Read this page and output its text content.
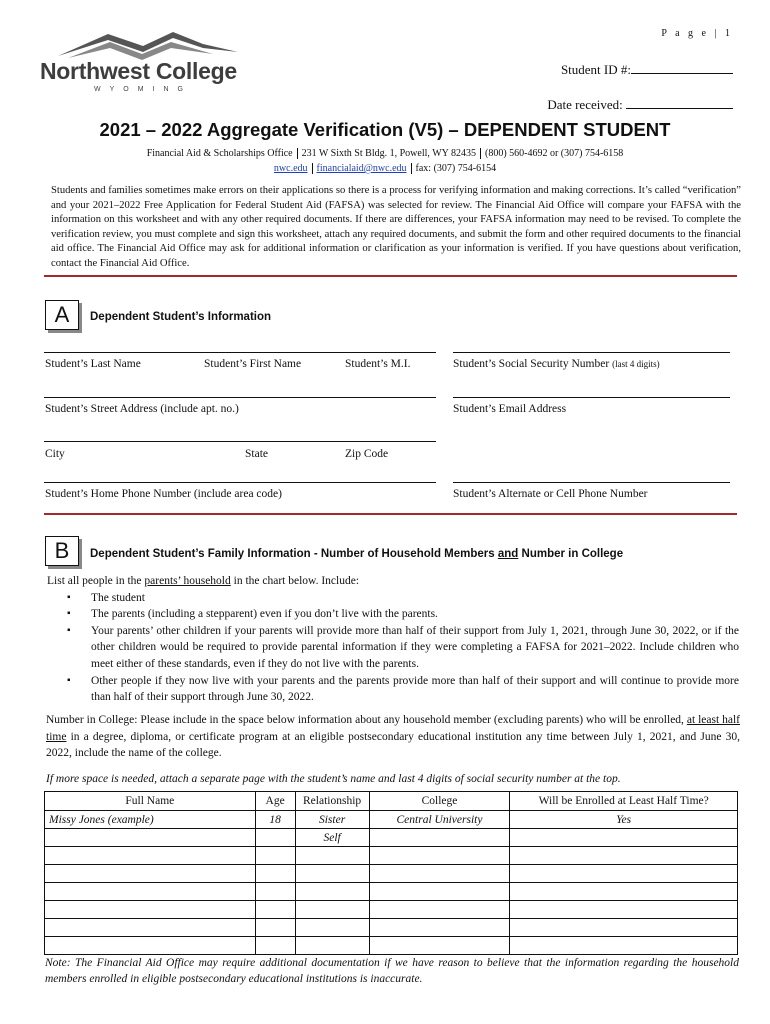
P a g e | 1
Northwest College
WYOMING
Student ID #:
Date received:
2021 – 2022 Aggregate Verification (V5) – DEPENDENT STUDENT
Financial Aid & Scholarships Office 231 W Sixth St Bldg. 1, Powell, WY 82435 (800) 560-4692 or (307) 754-6158
nwc.edu financialaid@nwc.edu fax: (307) 754-6154
Students and families sometimes make errors on their applications so there is a process for verifying information and making corrections. It’s called “verification” and your 2021–2022 Free Application for Federal Student Aid (FAFSA) was selected for review. The Financial Aid Office will compare your FAFSA with the information on this worksheet and with any other required documents. If there are differences, your FAFSA information may need to be revised. To complete the verification review, you must complete and sign this worksheet, attach any required documents, and submit the form and other required documents to the financial aid office. The Financial Aid Office may ask for additional information or clarification as your information is verified. If you have questions about verification, contact the Financial Aid Office.
A	Dependent Student’s Information
Student’s Last Name	Student’s First Name	Student’s M.I.	Student’s Social Security Number (last 4 digits)
Student’s Street Address (include apt. no.)	Student’s Email Address
City	State	Zip Code
Student’s Home Phone Number (include area code)	Student’s Alternate or Cell Phone Number
B	Dependent Student’s Family Information - Number of Household Members and Number in College
List all people in the parents’ household in the chart below. Include:
▪ The student
▪ The parents (including a stepparent) even if you don’t live with the parents.
▪ Your parents’ other children if your parents will provide more than half of their support from July 1, 2021, through June 30, 2022, or if the other children would be required to provide parental information if they were completing a FAFSA for 2021–2022. Include children who meet either of these standards, even if they do not live with the parents.
▪ Other people if they now live with your parents and the parents provide more than half of their support and will continue to provide more than half of their support through June 30, 2022.
Number in College: Please include in the space below information about any household member (excluding parents) who will be enrolled, at least half time in a degree, diploma, or certificate program at an eligible postsecondary educational institution any time between July 1, 2021, and June 30, 2022, include the name of the college.
If more space is needed, attach a separate page with the student’s name and last 4 digits of social security number at the top.
Full Name	Age	Relationship	College	Will be Enrolled at Least Half Time?
Missy Jones (example)	18	Sister	Central University	Yes
		Self		

Note: The Financial Aid Office may require additional documentation if we have reason to believe that the information regarding the household members enrolled in eligible postsecondary educational institutions is inaccurate.
